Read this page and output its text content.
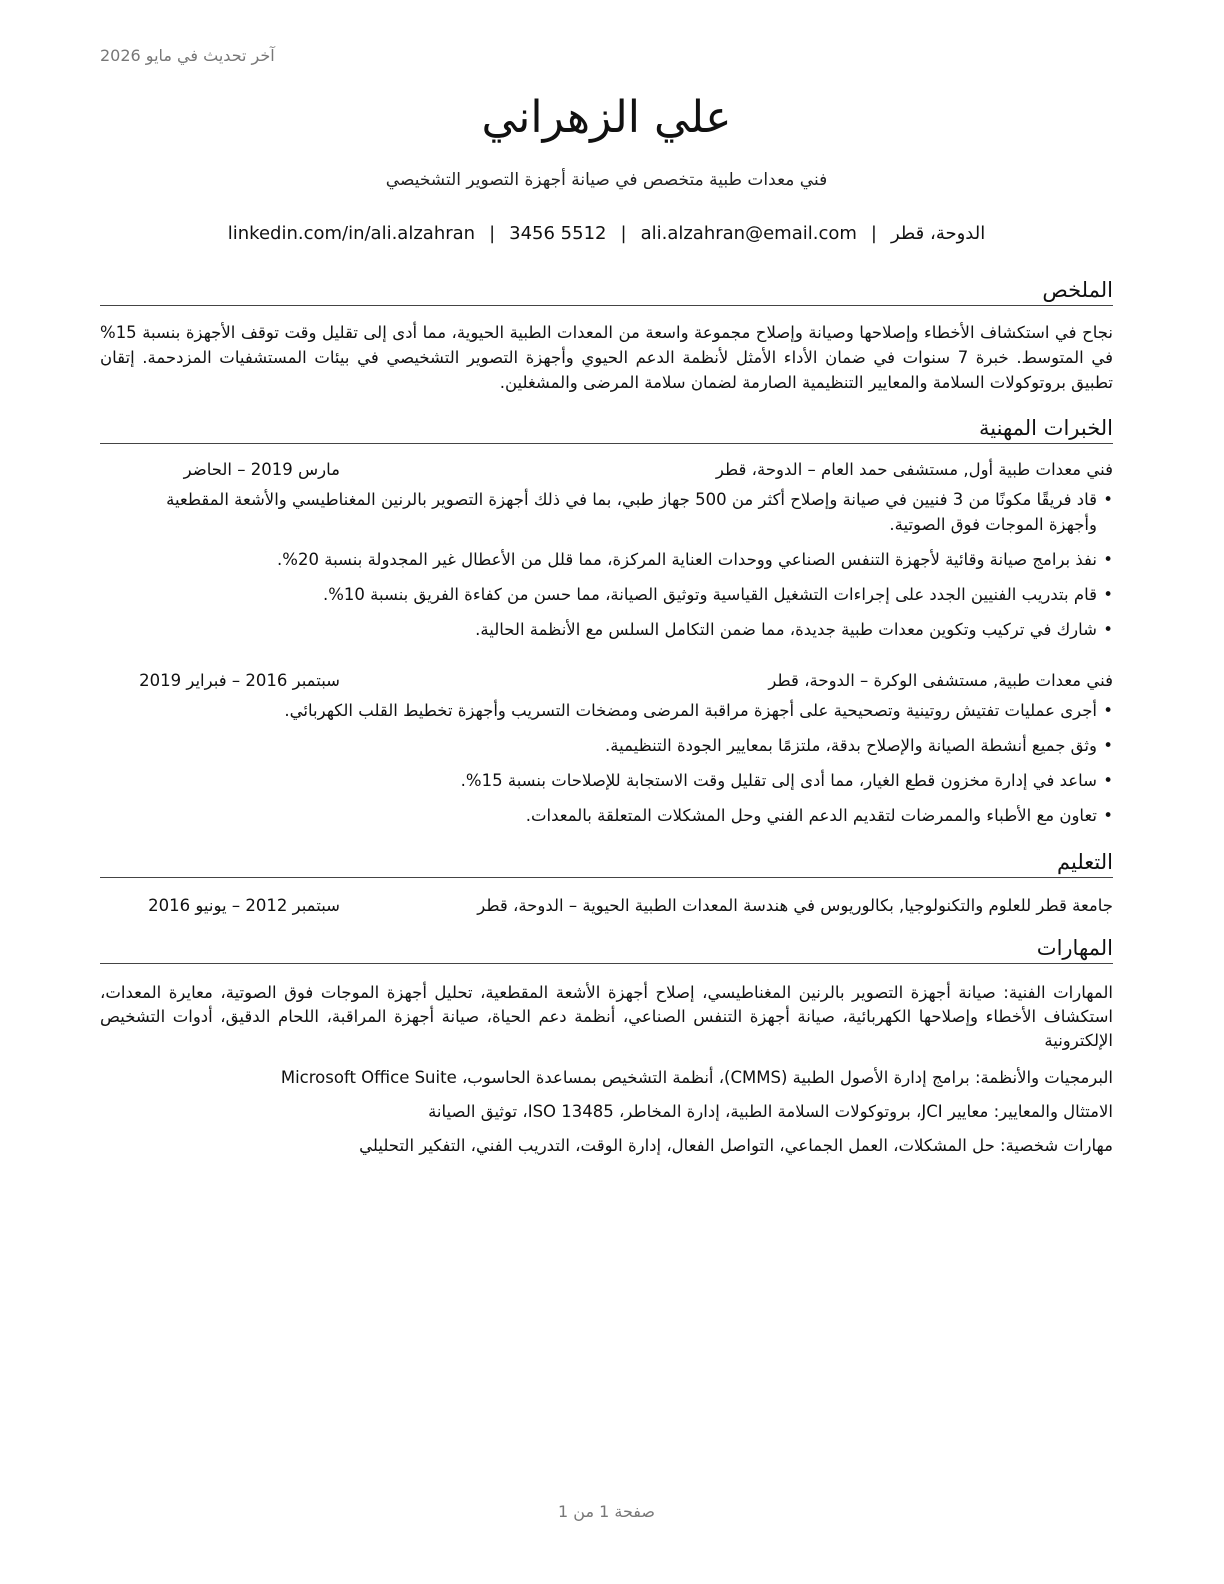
آخر تحديث في مايو 2026
علي الزهراني
فني معدات طبية متخصص في صيانة أجهزة التصوير التشخيصي
الدوحة، قطر|ali.alzahran@email.com|3456 5512|linkedin.com/in/ali.alzahran
الملخص
نجاح في استكشاف الأخطاء وإصلاحها وصيانة وإصلاح مجموعة واسعة من المعدات الطبية الحيوية، مما أدى إلى تقليل وقت توقف الأجهزة بنسبة 15% في المتوسط. خبرة 7 سنوات في ضمان الأداء الأمثل لأنظمة الدعم الحيوي وأجهزة التصوير التشخيصي في بيئات المستشفيات المزدحمة. إتقان تطبيق بروتوكولات السلامة والمعايير التنظيمية الصارمة لضمان سلامة المرضى والمشغلين.
الخبرات المهنية
فني معدات طبية أول, مستشفى حمد العام – الدوحة، قطر
مارس 2019 – الحاضر
• قاد فريقًا مكونًا من 3 فنيين في صيانة وإصلاح أكثر من 500 جهاز طبي، بما في ذلك أجهزة التصوير بالرنين المغناطيسي والأشعة المقطعية وأجهزة الموجات فوق الصوتية.
• نفذ برامج صيانة وقائية لأجهزة التنفس الصناعي ووحدات العناية المركزة، مما قلل من الأعطال غير المجدولة بنسبة 20%.
• قام بتدريب الفنيين الجدد على إجراءات التشغيل القياسية وتوثيق الصيانة، مما حسن من كفاءة الفريق بنسبة 10%.
• شارك في تركيب وتكوين معدات طبية جديدة، مما ضمن التكامل السلس مع الأنظمة الحالية.
فني معدات طبية, مستشفى الوكرة – الدوحة، قطر
سبتمبر 2016 – فبراير 2019
• أجرى عمليات تفتيش روتينية وتصحيحية على أجهزة مراقبة المرضى ومضخات التسريب وأجهزة تخطيط القلب الكهربائي.
• وثق جميع أنشطة الصيانة والإصلاح بدقة، ملتزمًا بمعايير الجودة التنظيمية.
• ساعد في إدارة مخزون قطع الغيار، مما أدى إلى تقليل وقت الاستجابة للإصلاحات بنسبة 15%.
• تعاون مع الأطباء والممرضات لتقديم الدعم الفني وحل المشكلات المتعلقة بالمعدات.
التعليم
جامعة قطر للعلوم والتكنولوجيا, بكالوريوس في هندسة المعدات الطبية الحيوية – الدوحة، قطر
سبتمبر 2012 – يونيو 2016
المهارات
المهارات الفنية: صيانة أجهزة التصوير بالرنين المغناطيسي، إصلاح أجهزة الأشعة المقطعية، تحليل أجهزة الموجات فوق الصوتية، معايرة المعدات، استكشاف الأخطاء وإصلاحها الكهربائية، صيانة أجهزة التنفس الصناعي، أنظمة دعم الحياة، صيانة أجهزة المراقبة، اللحام الدقيق، أدوات التشخيص الإلكترونية
البرمجيات والأنظمة: برامج إدارة الأصول الطبية (CMMS)، أنظمة التشخيص بمساعدة الحاسوب، Microsoft Office Suite
الامتثال والمعايير: معايير JCI، بروتوكولات السلامة الطبية، إدارة المخاطر، ISO 13485، توثيق الصيانة
مهارات شخصية: حل المشكلات، العمل الجماعي، التواصل الفعال، إدارة الوقت، التدريب الفني، التفكير التحليلي
صفحة 1 من 1
